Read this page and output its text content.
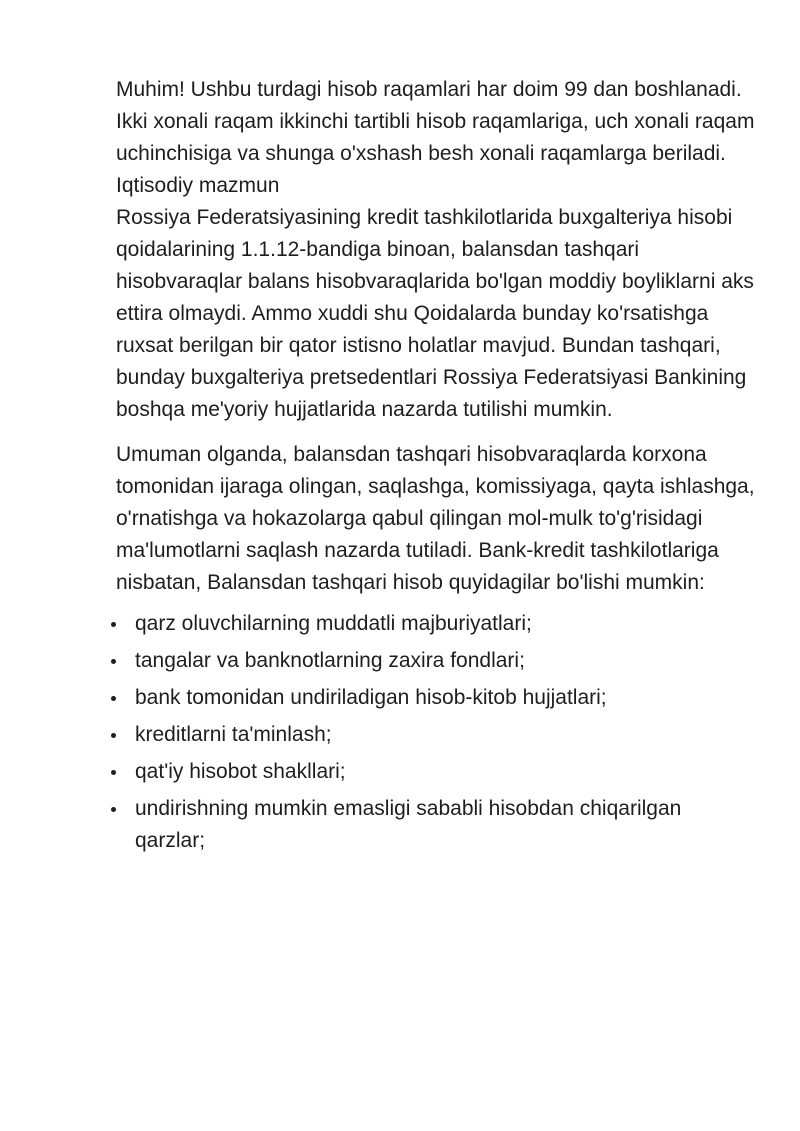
Muhim! Ushbu turdagi hisob raqamlari har doim 99 dan boshlanadi. Ikki xonali raqam ikkinchi tartibli hisob raqamlariga, uch xonali raqam uchinchisiga va shunga o'xshash besh xonali raqamlarga beriladi.

Iqtisodiy mazmun

Rossiya Federatsiyasining kredit tashkilotlarida buxgalteriya hisobi qoidalarining 1.1.12-bandiga binoan, balansdan tashqari hisobvaraqlar balans hisobvaraqlarida bo'lgan moddiy boyliklarni aks ettira olmaydi. Ammo xuddi shu Qoidalarda bunday ko'rsatishga ruxsat berilgan bir qator istisno holatlar mavjud. Bundan tashqari, bunday buxgalteriya pretsedentlari Rossiya Federatsiyasi Bankining boshqa me'yoriy hujjatlarida nazarda tutilishi mumkin.

Umuman olganda, balansdan tashqari hisobvaraqlarda korxona tomonidan ijaraga olingan, saqlashga, komissiyaga, qayta ishlashga, o'rnatishga va hokazolarga qabul qilingan mol-mulk to'g'risidagi ma'lumotlarni saqlash nazarda tutiladi. Bank-kredit tashkilotlariga nisbatan, Balansdan tashqari hisob quyidagilar bo'lishi mumkin:

qarz oluvchilarning muddatli majburiyatlari;
tangalar va banknotlarning zaxira fondlari;
bank tomonidan undiriladigan hisob-kitob hujjatlari;
kreditlarni ta'minlash;
qat'iy hisobot shakllari;
undirishning mumkin emasligi sababli hisobdan chiqarilgan qarzlar;
